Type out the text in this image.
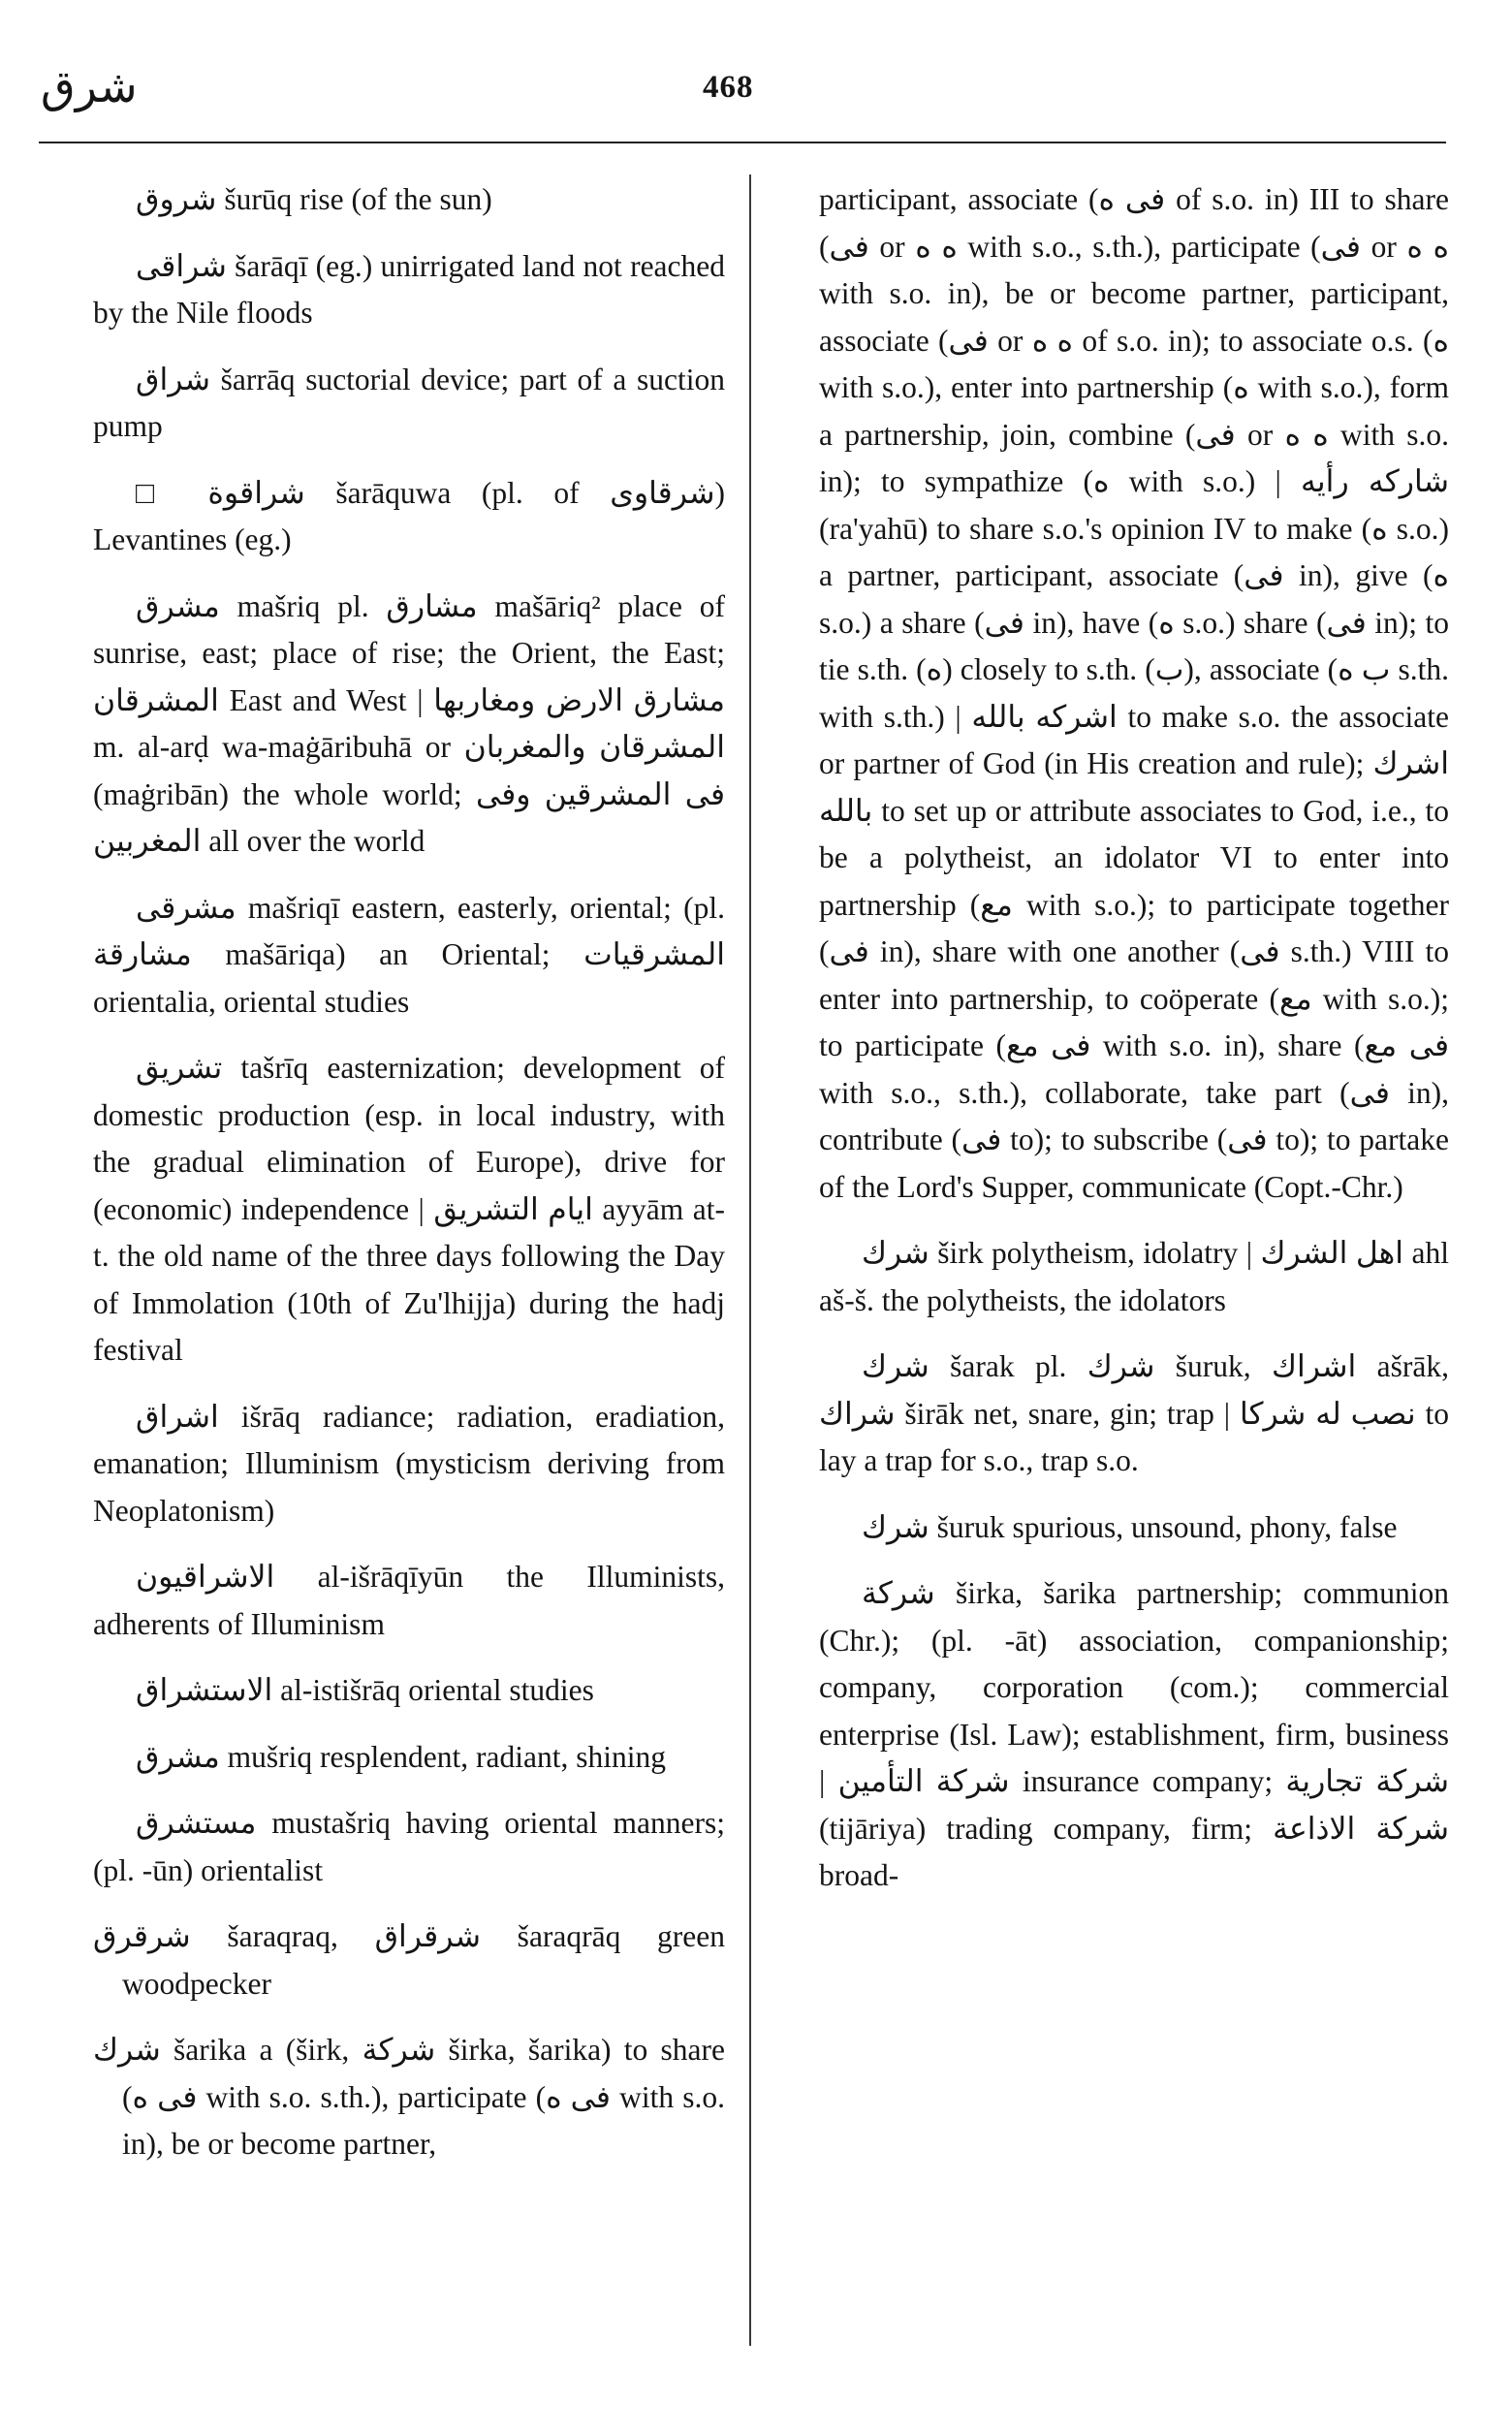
شرق	468

شروق šurūq rise (of the sun)

شراقى šarāqī (eg.) unirrigated land not reached by the Nile floods

شراق šarrāq suctorial device; part of a suction pump

□ شراقوة šarāquwa (pl. of شرقاوى) Levantines (eg.)

مشرق mašriq pl. مشارق mašāriq² place of sunrise, east; place of rise; the Orient, the East; المشرقان East and West | مشارق الارض ومغاربها m. al-arḍ wa-maġāribuhā or المشرقان والمغربان (maġribān) the whole world; فى المشرقين وفى المغربين all over the world

مشرقى mašriqī eastern, easterly, oriental; (pl. مشارقة mašāriqa) an Oriental; المشرقيات orientalia, oriental studies

تشريق tašrīq easternization; development of domestic production (esp. in local industry, with the gradual elimination of Europe), drive for (economic) independence | ايام التشريق ayyām at-t. the old name of the three days following the Day of Immolation (10th of Zu'lhijja) during the hadj festival

اشراق išrāq radiance; radiation, eradiation, emanation; Illuminism (mysticism deriving from Neoplatonism)

الاشراقيون al-išrāqīyūn the Illuminists, adherents of Illuminism

الاستشراق al-istišrāq oriental studies

مشرق mušriq resplendent, radiant, shining

مستشرق mustašriq having oriental manners; (pl. -ūn) orientalist

شرقرق šaraqraq, شرقراق šaraqrāq green woodpecker

شرك šarika a (širk, شركة širka, šarika) to share (فى ه with s.o. s.th.), participate (فى ه with s.o. in), be or become partner,

participant, associate (فى ه of s.o. in) III to share (فى or ه ه with s.o., s.th.), participate (فى or ه ه with s.o. in), be or become partner, participant, associate (فى or ه ه of s.o. in); to associate o.s. (ه with s.o.), enter into partnership (ه with s.o.), form a partnership, join, combine (فى or ه ه with s.o. in); to sympathize (ه with s.o.) | شاركه رأيه (ra'yahū) to share s.o.'s opinion IV to make (ه s.o.) a partner, participant, associate (فى in), give (ه s.o.) a share (فى in), have (ه s.o.) share (فى in); to tie s.th. (ه) closely to s.th. (ب), associate (ب ه s.th. with s.th.) | اشركه بالله to make s.o. the associate or partner of God (in His creation and rule); اشرك بالله to set up or attribute associates to God, i.e., to be a polytheist, an idolator VI to enter into partnership (مع with s.o.); to participate together (فى in), share with one another (فى s.th.) VIII to enter into partnership, to coöperate (مع with s.o.); to participate (فى مع with s.o. in), share (فى مع with s.o., s.th.), collaborate, take part (فى in), contribute (فى to); to subscribe (فى to); to partake of the Lord's Supper, communicate (Copt.-Chr.)

شرك širk polytheism, idolatry | اهل الشرك ahl aš-š. the polytheists, the idolators

شرك šarak pl. شرك šuruk, اشراك ašrāk, شراك širāk net, snare, gin; trap | نصب له شركا to lay a trap for s.o., trap s.o.

شرك šuruk spurious, unsound, phony, false

شركة širka, šarika partnership; communion (Chr.); (pl. -āt) association, companionship; company, corporation (com.); commercial enterprise (Isl. Law); establishment, firm, business | شركة التأمين insurance company; شركة تجارية (tijāriya) trading company, firm; شركة الاذاعة broad-
